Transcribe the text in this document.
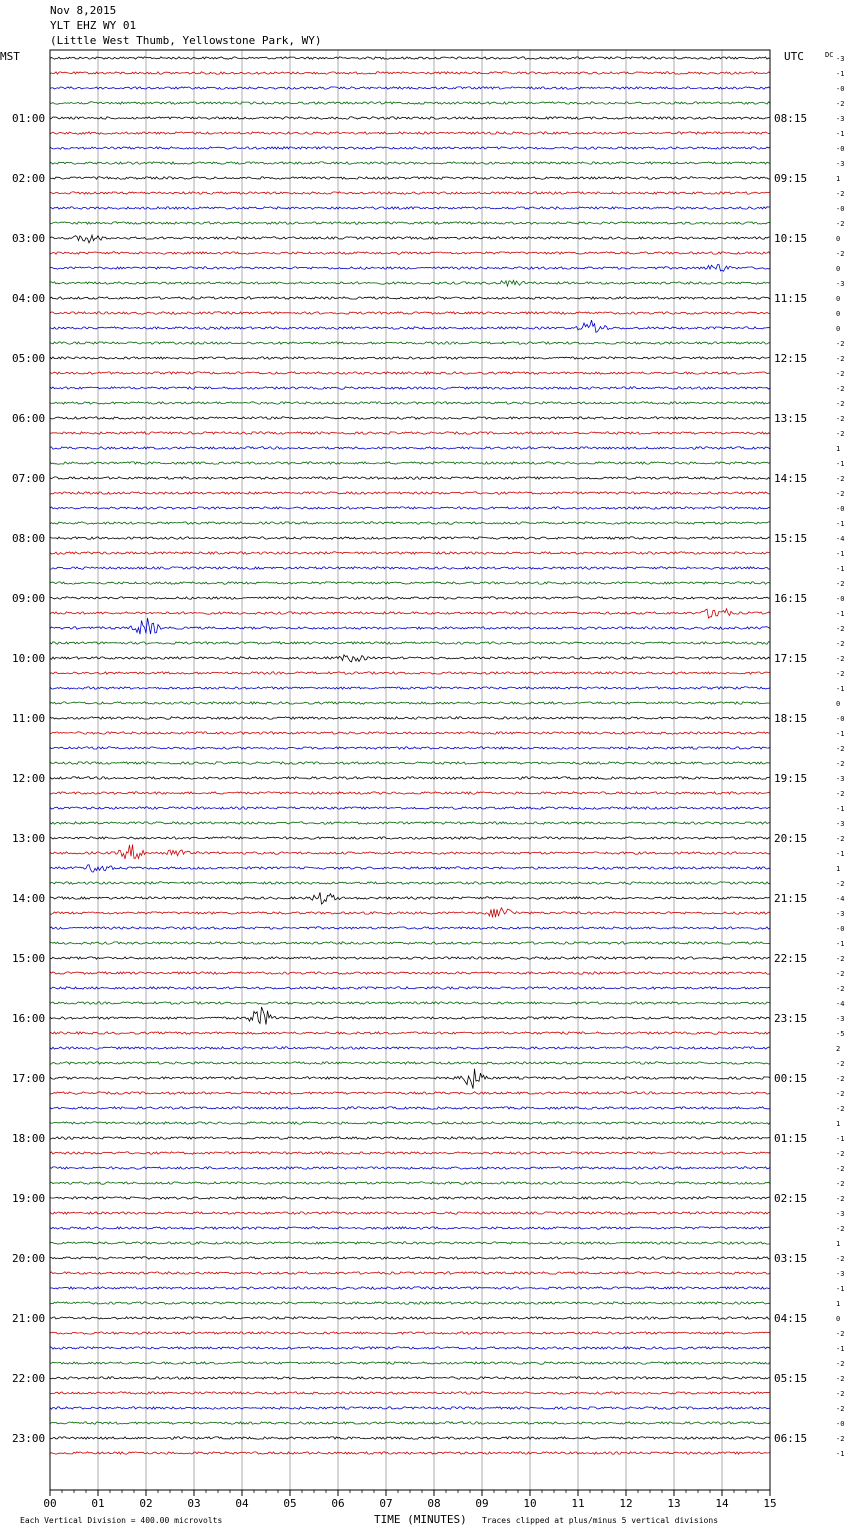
Nov 8,2015
YLT EHZ WY 01
(Little West Thumb, Yellowstone Park, WY)
00	01	02	03	04	05	06	07	08	09	10	11	12	13	14	15
-3
-1
-0
-2
-3
-1
-0
-3
1
-2
-0
-2
0
-2
0
-3
0
0
0
-2
-2
-2
-2
-2
-2
-2
1
-1
-2
-2
-0
-1
-4
-1
-1
-2
-0
-1
-2
-2
-2
-2
-1
0
-0
-1
-2
-2
-3
-2
-1
-3
-2
-1
1
-2
-4
-3
-0
-1
-2
-2
-2
-4
-3
-5
2
-2
-2
-2
-2
1
-1
-2
-2
-2
-2
-3
-2
1
-2
-3
-1
1
0
-2
-1
-2
-2
-2
-2
-0
-2
-1
01:00	08:15
02:00	09:15
03:00	10:15
04:00	11:15
05:00	12:15
06:00	13:15
07:00	14:15
08:00	15:15
09:00	16:15
10:00	17:15
11:00	18:15
12:00	19:15
13:00	20:15
14:00	21:15
15:00	22:15
16:00	23:15
17:00	00:15
18:00	01:15
19:00	02:15
20:00	03:15
21:00	04:15
22:00	05:15
23:00	06:15
MST	UTC	DC
Each Vertical Division = 400.00 microvolts	TIME (MINUTES) Traces clipped at plus/minus 5 vertical divisions
